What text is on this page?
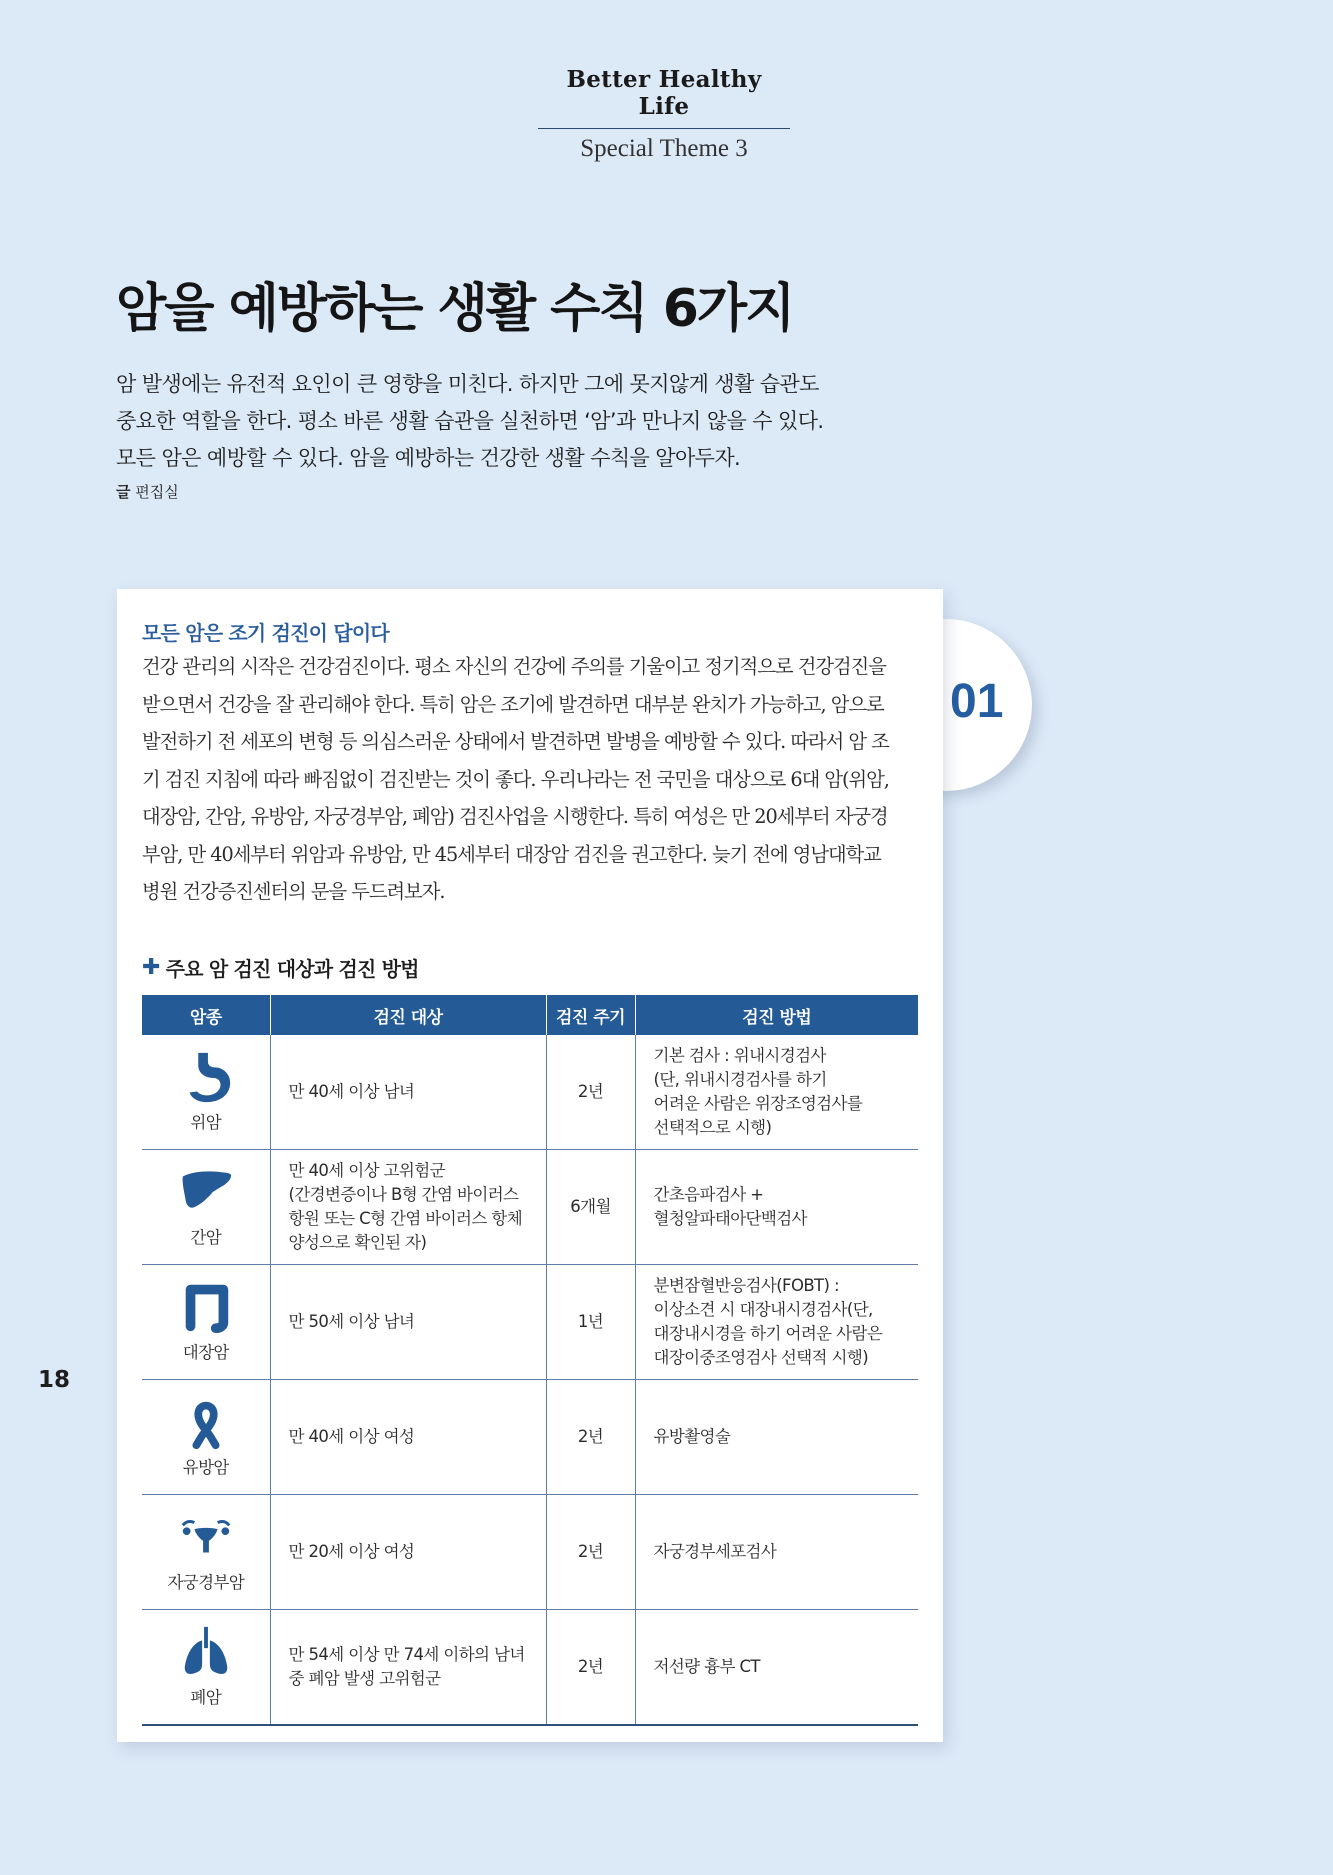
Better Healthy Life
Special Theme 3
암을 예방하는 생활 수칙 6가지

암 발생에는 유전적 요인이 큰 영향을 미친다. 하지만 그에 못지않게 생활 습관도

중요한 역할을 한다. 평소 바른 생활 습관을 실천하면 ‘암’과 만나지 않을 수 있다.

모든 암은 예방할 수 있다. 암을 예방하는 건강한 생활 수칙을 알아두자.

글 편집실
01
모든 암은 조기 검진이 답이다

건강 관리의 시작은 건강검진이다. 평소 자신의 건강에 주의를 기울이고 정기적으로 건강검진을

받으면서 건강을 잘 관리해야 한다. 특히 암은 조기에 발견하면 대부분 완치가 가능하고, 암으로

발전하기 전 세포의 변형 등 의심스러운 상태에서 발견하면 발병을 예방할 수 있다. 따라서 암 조

기 검진 지침에 따라 빠짐없이 검진받는 것이 좋다. 우리나라는 전 국민을 대상으로 6대 암(위암,

대장암, 간암, 유방암, 자궁경부암, 폐암) 검진사업을 시행한다. 특히 여성은 만 20세부터 자궁경

부암, 만 40세부터 위암과 유방암, 만 45세부터 대장암 검진을 권고한다. 늦기 전에 영남대학교

병원 건강증진센터의 문을 두드려보자.

✚ 주요 암 검진 대상과 검진 방법
암종	검진 대상	검진 주기	검진 방법

위암	만 40세 이상 남녀	2년	기본 검사 : 위내시경검사
(단, 위내시경검사를 하기
어려운 사람은 위장조영검사를
선택적으로 시행)

간암	만 40세 이상 고위험군
(간경변증이나 B형 간염 바이러스
항원 또는 C형 간염 바이러스 항체
양성으로 확인된 자)	6개월	간초음파검사 +
혈청알파태아단백검사

대장암	만 50세 이상 남녀	1년	분변잠혈반응검사(FOBT) :
이상소견 시 대장내시경검사(단,
대장내시경을 하기 어려운 사람은
대장이중조영검사 선택적 시행)

유방암	만 40세 이상 여성	2년	유방촬영술

자궁경부암	만 20세 이상 여성	2년	자궁경부세포검사

폐암	만 54세 이상 만 74세 이하의 남녀
중 폐암 발생 고위험군	2년	저선량 흉부 CT
18
